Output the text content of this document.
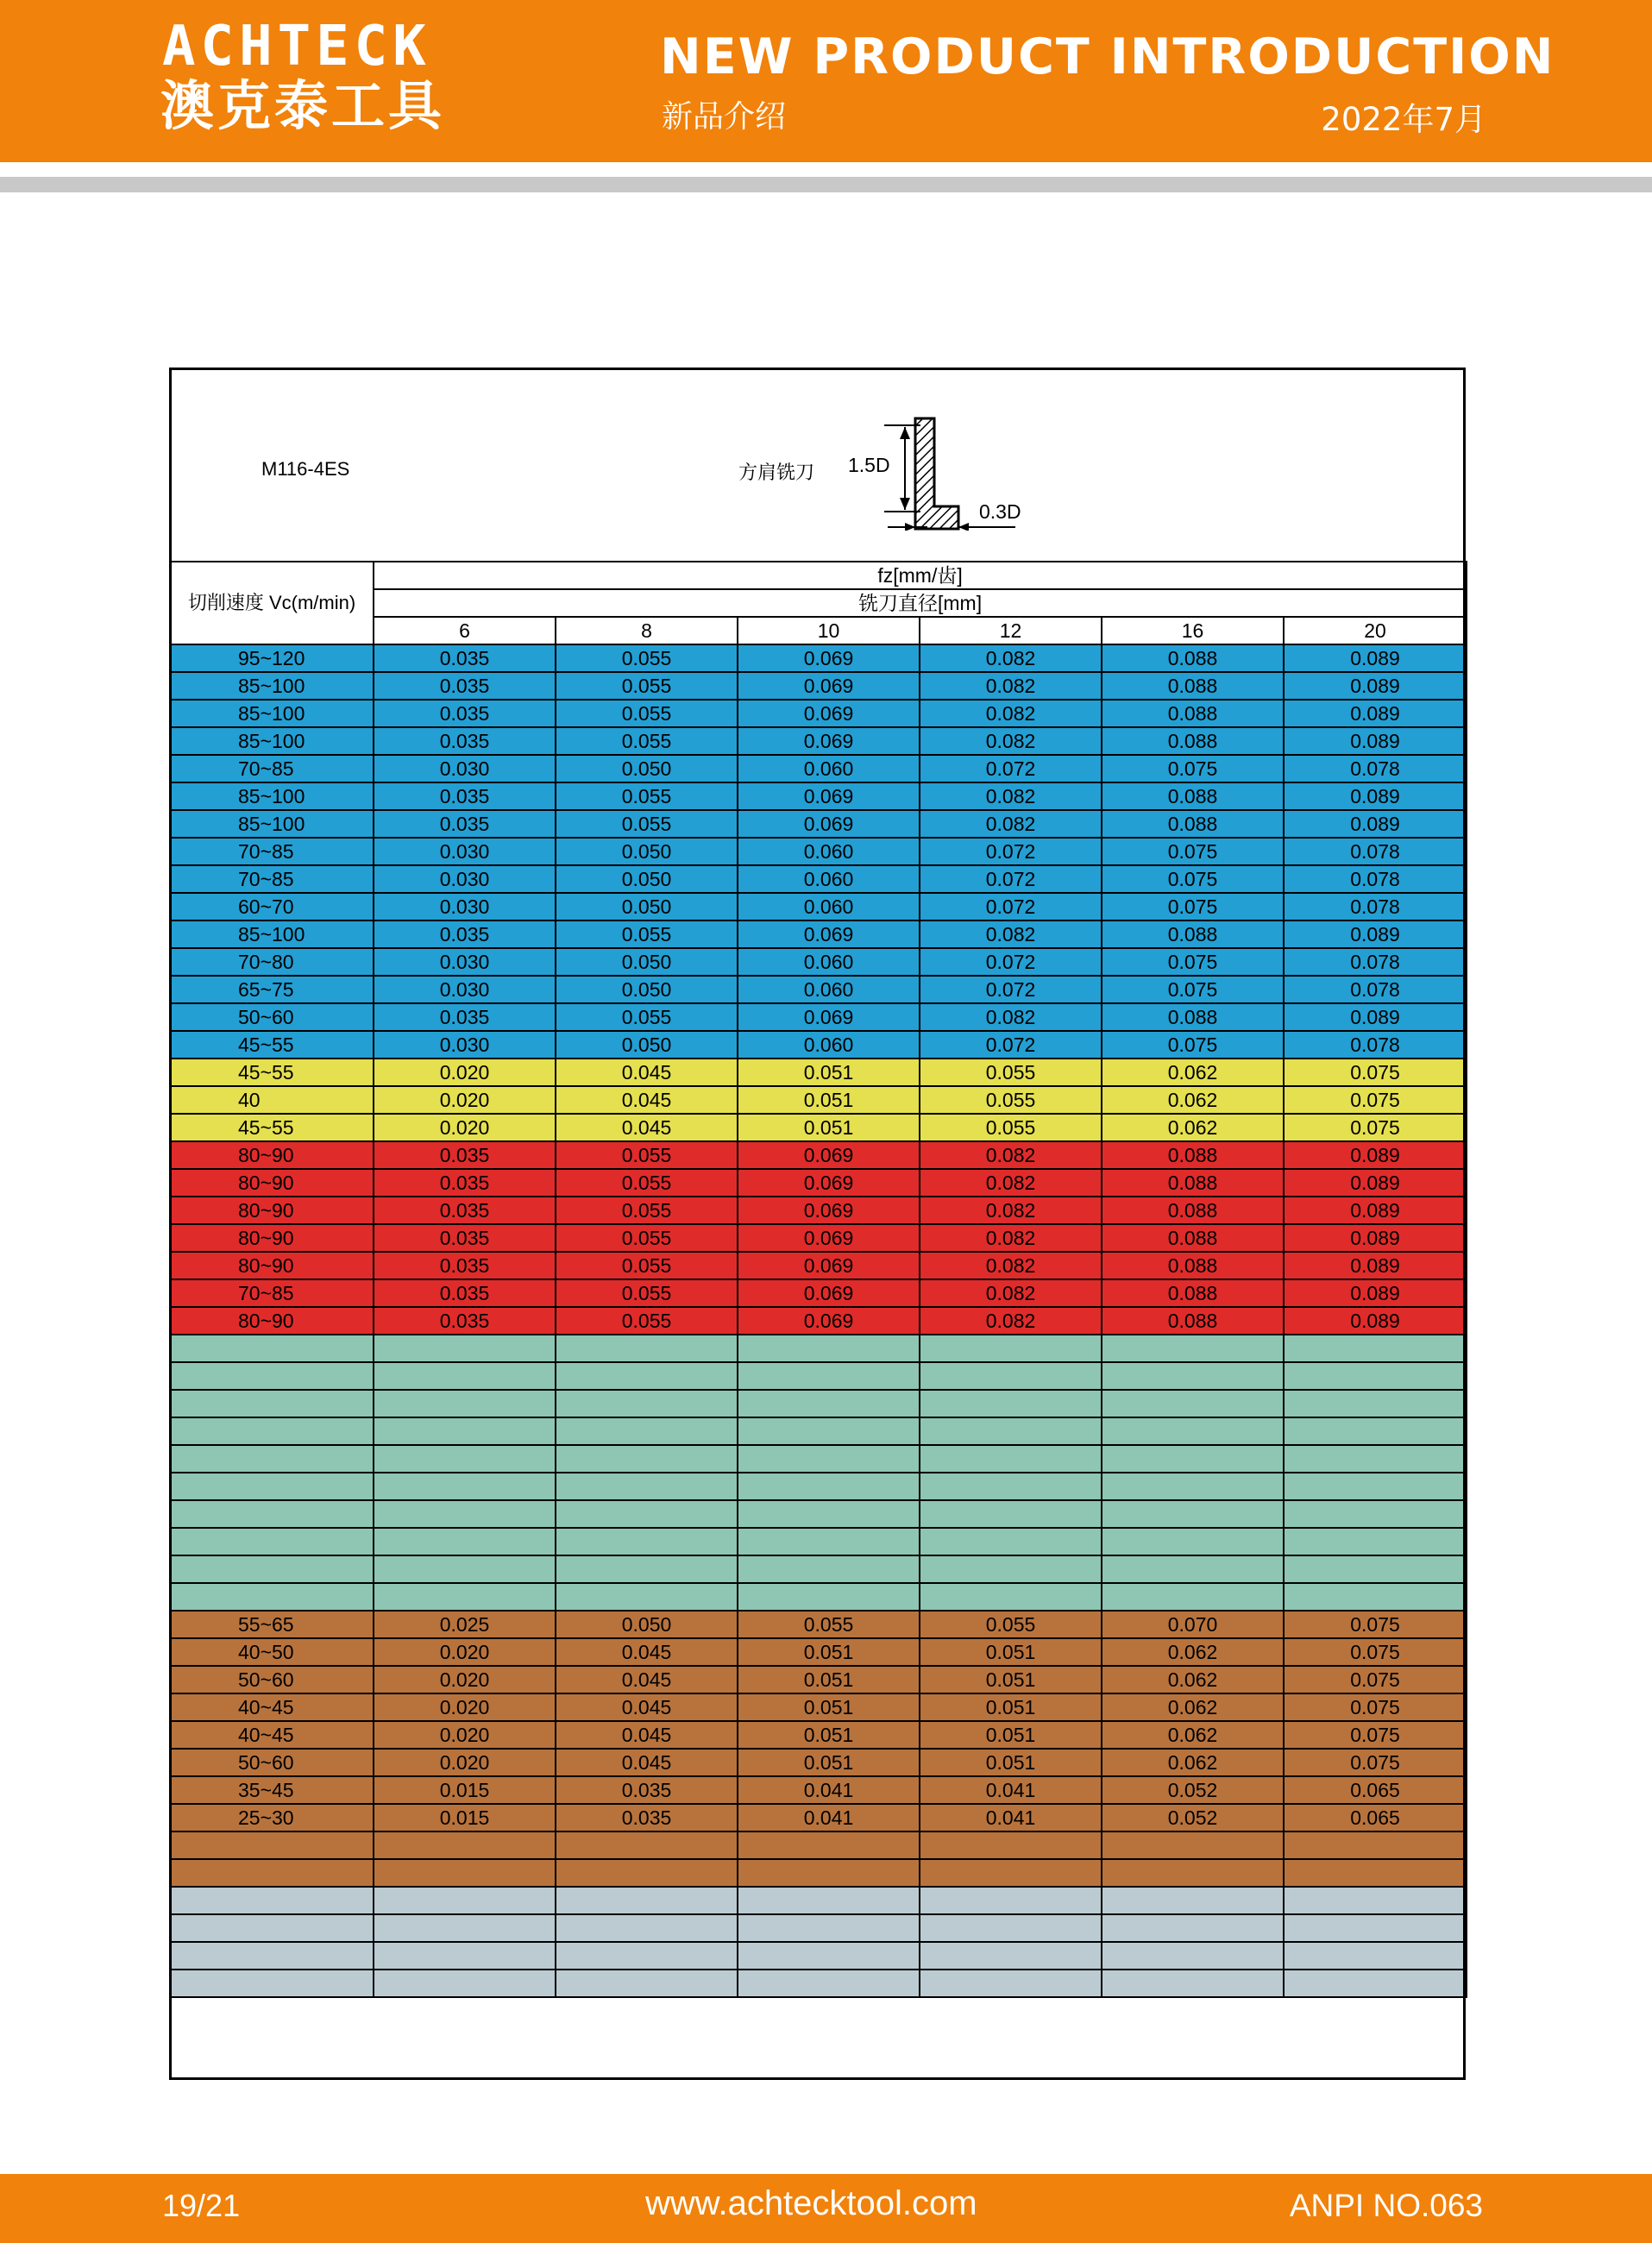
ACHTECK
澳克泰工具
NEW PRODUCT INTRODUCTION
新品介绍	2022年7月
M116-4ES	方肩铣刀 1.5D
0.3D
切削速度 Vc(m/min)	fz[mm/齿]					
	铣刀直径[mm]					
	6	8	10	12	16	20
95~120	0.035	0.055	0.069	0.082	0.088	0.089
85~100	0.035	0.055	0.069	0.082	0.088	0.089
85~100	0.035	0.055	0.069	0.082	0.088	0.089
85~100	0.035	0.055	0.069	0.082	0.088	0.089
70~85	0.030	0.050	0.060	0.072	0.075	0.078
85~100	0.035	0.055	0.069	0.082	0.088	0.089
85~100	0.035	0.055	0.069	0.082	0.088	0.089
70~85	0.030	0.050	0.060	0.072	0.075	0.078
70~85	0.030	0.050	0.060	0.072	0.075	0.078
60~70	0.030	0.050	0.060	0.072	0.075	0.078
85~100	0.035	0.055	0.069	0.082	0.088	0.089
70~80	0.030	0.050	0.060	0.072	0.075	0.078
65~75	0.030	0.050	0.060	0.072	0.075	0.078
50~60	0.035	0.055	0.069	0.082	0.088	0.089
45~55	0.030	0.050	0.060	0.072	0.075	0.078
45~55	0.020	0.045	0.051	0.055	0.062	0.075
40	0.020	0.045	0.051	0.055	0.062	0.075
45~55	0.020	0.045	0.051	0.055	0.062	0.075
80~90	0.035	0.055	0.069	0.082	0.088	0.089
80~90	0.035	0.055	0.069	0.082	0.088	0.089
80~90	0.035	0.055	0.069	0.082	0.088	0.089
80~90	0.035	0.055	0.069	0.082	0.088	0.089
80~90	0.035	0.055	0.069	0.082	0.088	0.089
70~85	0.035	0.055	0.069	0.082	0.088	0.089
80~90	0.035	0.055	0.069	0.082	0.088	0.089

55~65	0.025	0.050	0.055	0.055	0.070	0.075
40~50	0.020	0.045	0.051	0.051	0.062	0.075
50~60	0.020	0.045	0.051	0.051	0.062	0.075
40~45	0.020	0.045	0.051	0.051	0.062	0.075
40~45	0.020	0.045	0.051	0.051	0.062	0.075
50~60	0.020	0.045	0.051	0.051	0.062	0.075
35~45	0.015	0.035	0.041	0.041	0.052	0.065
25~30	0.015	0.035	0.041	0.041	0.052	0.065

19/21	www.achtecktool.com	ANPI NO.063
